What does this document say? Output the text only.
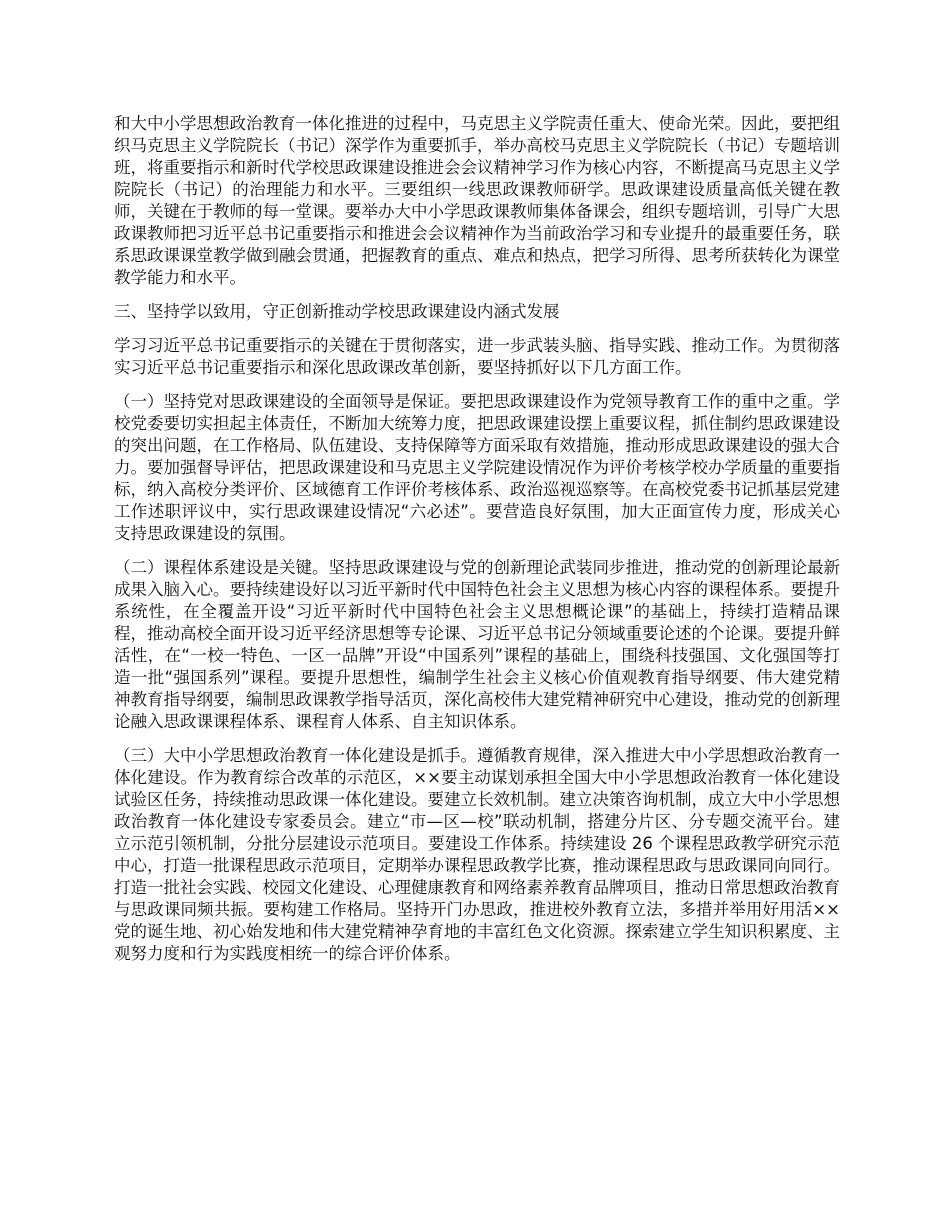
和大中小学思想政治教育一体化推进的过程中，马克思主义学院责任重大、使命光荣。因此，要把组织马克思主义学院院长（书记）深学作为重要抓手，举办高校马克思主义学院院长（书记）专题培训班，将重要指示和新时代学校思政课建设推进会会议精神学习作为核心内容，不断提高马克思主义学院院长（书记）的治理能力和水平。三要组织一线思政课教师研学。思政课建设质量高低关键在教师，关键在于教师的每一堂课。要举办大中小学思政课教师集体备课会，组织专题培训，引导广大思政课教师把习近平总书记重要指示和推进会会议精神作为当前政治学习和专业提升的最重要任务，联系思政课课堂教学做到融会贯通，把握教育的重点、难点和热点，把学习所得、思考所获转化为课堂教学能力和水平。

三、坚持学以致用，守正创新推动学校思政课建设内涵式发展

学习习近平总书记重要指示的关键在于贯彻落实，进一步武装头脑、指导实践、推动工作。为贯彻落实习近平总书记重要指示和深化思政课改革创新，要坚持抓好以下几方面工作。

（一）坚持党对思政课建设的全面领导是保证。要把思政课建设作为党领导教育工作的重中之重。学校党委要切实担起主体责任，不断加大统筹力度，把思政课建设摆上重要议程，抓住制约思政课建设的突出问题，在工作格局、队伍建设、支持保障等方面采取有效措施，推动形成思政课建设的强大合力。要加强督导评估，把思政课建设和马克思主义学院建设情况作为评价考核学校办学质量的重要指标，纳入高校分类评价、区域德育工作评价考核体系、政治巡视巡察等。在高校党委书记抓基层党建工作述职评议中，实行思政课建设情况“六必述”。要营造良好氛围，加大正面宣传力度，形成关心支持思政课建设的氛围。

（二）课程体系建设是关键。坚持思政课建设与党的创新理论武装同步推进，推动党的创新理论最新成果入脑入心。要持续建设好以习近平新时代中国特色社会主义思想为核心内容的课程体系。要提升系统性，在全覆盖开设“习近平新时代中国特色社会主义思想概论课”的基础上，持续打造精品课程，推动高校全面开设习近平经济思想等专论课、习近平总书记分领域重要论述的个论课。要提升鲜活性，在“一校一特色、一区一品牌”开设“中国系列”课程的基础上，围绕科技强国、文化强国等打造一批“强国系列”课程。要提升思想性，编制学生社会主义核心价值观教育指导纲要、伟大建党精神教育指导纲要，编制思政课教学指导活页，深化高校伟大建党精神研究中心建设，推动党的创新理论融入思政课课程体系、课程育人体系、自主知识体系。

（三）大中小学思想政治教育一体化建设是抓手。遵循教育规律，深入推进大中小学思想政治教育一体化建设。作为教育综合改革的示范区，××要主动谋划承担全国大中小学思想政治教育一体化建设试验区任务，持续推动思政课一体化建设。要建立长效机制。建立决策咨询机制，成立大中小学思想政治教育一体化建设专家委员会。建立“市—区—校”联动机制，搭建分片区、分专题交流平台。建立示范引领机制，分批分层建设示范项目。要建设工作体系。持续建设 26 个课程思政教学研究示范中心，打造一批课程思政示范项目，定期举办课程思政教学比赛，推动课程思政与思政课同向同行。打造一批社会实践、校园文化建设、心理健康教育和网络素养教育品牌项目，推动日常思想政治教育与思政课同频共振。要构建工作格局。坚持开门办思政，推进校外教育立法，多措并举用好用活××党的诞生地、初心始发地和伟大建党精神孕育地的丰富红色文化资源。探索建立学生知识积累度、主观努力度和行为实践度相统一的综合评价体系。
